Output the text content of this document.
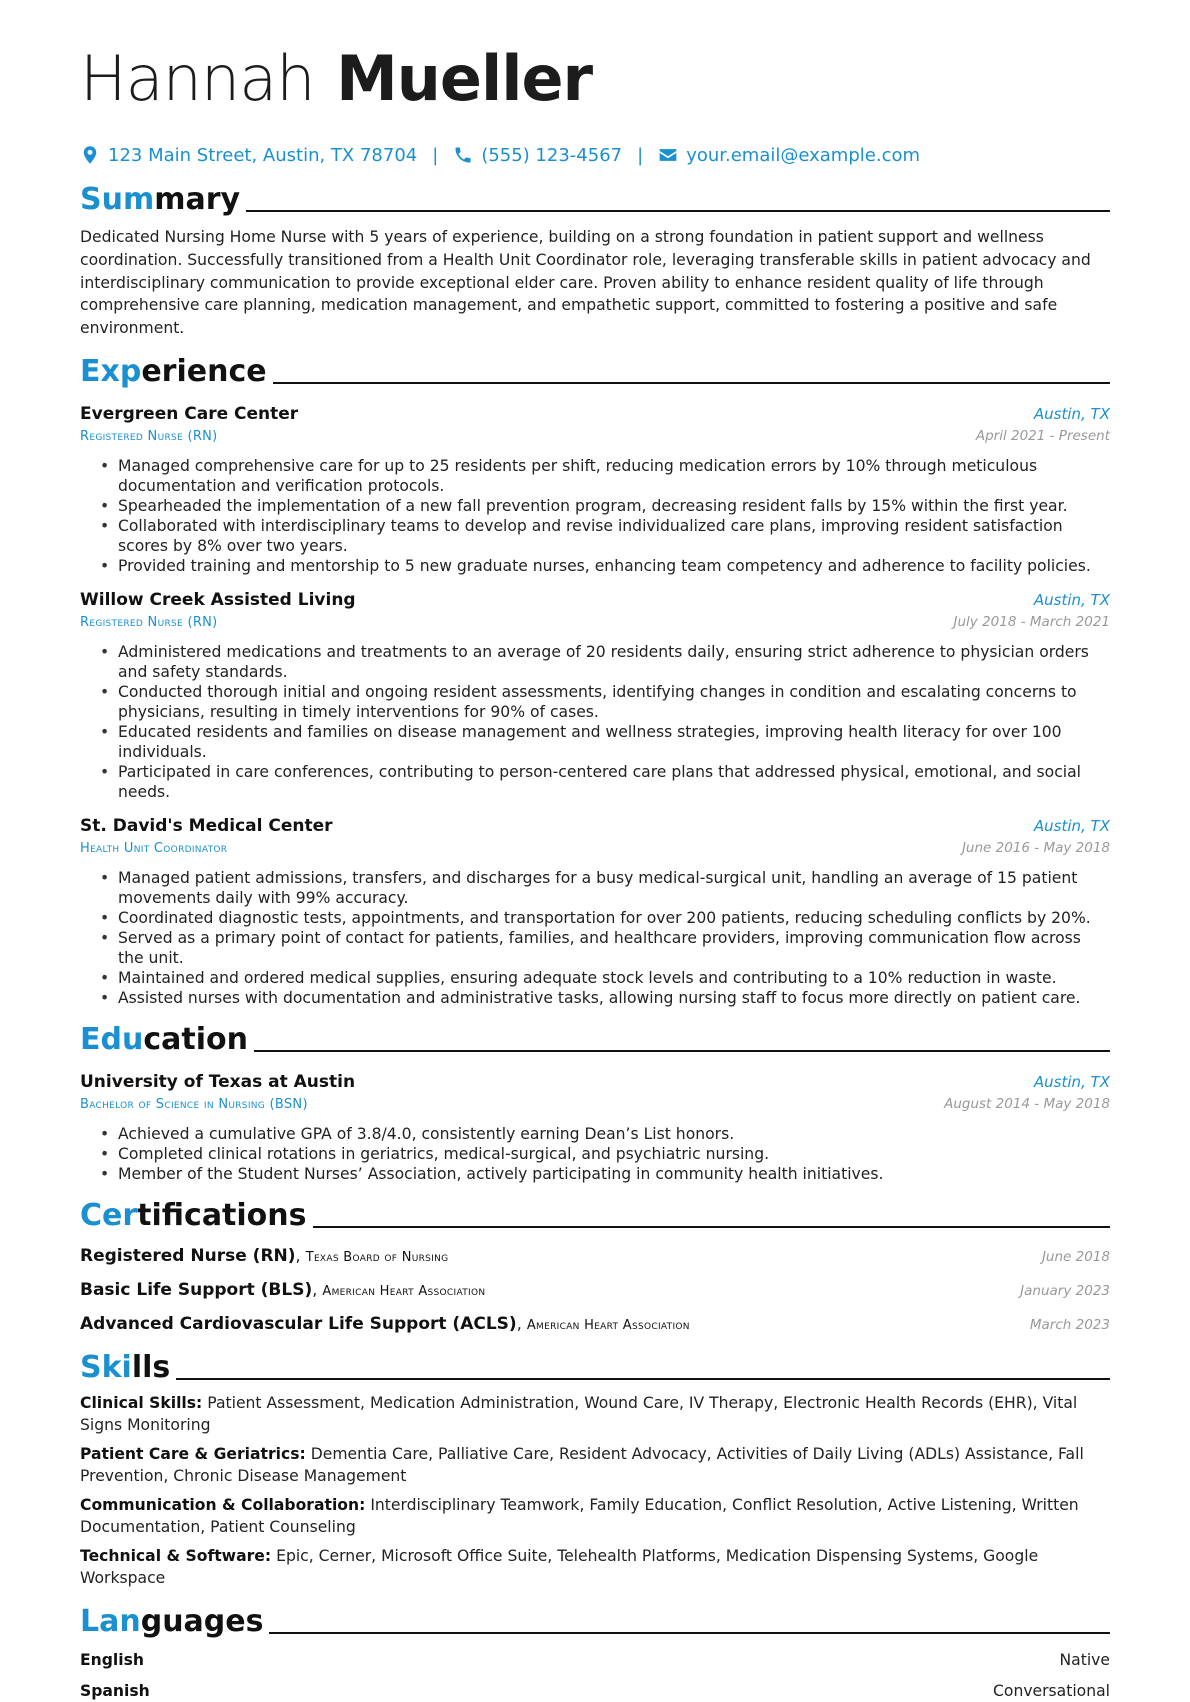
Hannah Mueller
123 Main Street, Austin, TX 78704 | (555) 123-4567 | your.email@example.com
Summary
Dedicated Nursing Home Nurse with 5 years of experience, building on a strong foundation in patient support and wellness coordination. Successfully transitioned from a Health Unit Coordinator role, leveraging transferable skills in patient advocacy and interdisciplinary communication to provide exceptional elder care. Proven ability to enhance resident quality of life through comprehensive care planning, medication management, and empathetic support, committed to fostering a positive and safe environment.
Experience
Evergreen Care Center	Austin, TX
Registered Nurse (RN)	April 2021 - Present
• Managed comprehensive care for up to 25 residents per shift, reducing medication errors by 10% through meticulous documentation and verification protocols.
• Spearheaded the implementation of a new fall prevention program, decreasing resident falls by 15% within the first year.
• Collaborated with interdisciplinary teams to develop and revise individualized care plans, improving resident satisfaction scores by 8% over two years.
• Provided training and mentorship to 5 new graduate nurses, enhancing team competency and adherence to facility policies.
Willow Creek Assisted Living	Austin, TX
Registered Nurse (RN)	July 2018 - March 2021
• Administered medications and treatments to an average of 20 residents daily, ensuring strict adherence to physician orders and safety standards.
• Conducted thorough initial and ongoing resident assessments, identifying changes in condition and escalating concerns to physicians, resulting in timely interventions for 90% of cases.
• Educated residents and families on disease management and wellness strategies, improving health literacy for over 100 individuals.
• Participated in care conferences, contributing to person-centered care plans that addressed physical, emotional, and social needs.
St. David's Medical Center	Austin, TX
Health Unit Coordinator	June 2016 - May 2018
• Managed patient admissions, transfers, and discharges for a busy medical-surgical unit, handling an average of 15 patient movements daily with 99% accuracy.
• Coordinated diagnostic tests, appointments, and transportation for over 200 patients, reducing scheduling conflicts by 20%.
• Served as a primary point of contact for patients, families, and healthcare providers, improving communication flow across the unit.
• Maintained and ordered medical supplies, ensuring adequate stock levels and contributing to a 10% reduction in waste.
• Assisted nurses with documentation and administrative tasks, allowing nursing staff to focus more directly on patient care.
Education
University of Texas at Austin	Austin, TX
Bachelor of Science in Nursing (BSN)	August 2014 - May 2018
• Achieved a cumulative GPA of 3.8/4.0, consistently earning Dean’s List honors.
• Completed clinical rotations in geriatrics, medical-surgical, and psychiatric nursing.
• Member of the Student Nurses’ Association, actively participating in community health initiatives.
Certifications
Registered Nurse (RN), Texas Board of Nursing	June 2018
Basic Life Support (BLS), American Heart Association	January 2023
Advanced Cardiovascular Life Support (ACLS), American Heart Association	March 2023
Skills
Clinical Skills: Patient Assessment, Medication Administration, Wound Care, IV Therapy, Electronic Health Records (EHR), Vital Signs Monitoring
Patient Care & Geriatrics: Dementia Care, Palliative Care, Resident Advocacy, Activities of Daily Living (ADLs) Assistance, Fall Prevention, Chronic Disease Management
Communication & Collaboration: Interdisciplinary Teamwork, Family Education, Conflict Resolution, Active Listening, Written Documentation, Patient Counseling
Technical & Software: Epic, Cerner, Microsoft Office Suite, Telehealth Platforms, Medication Dispensing Systems, Google Workspace
Languages
English	Native
Spanish	Conversational
